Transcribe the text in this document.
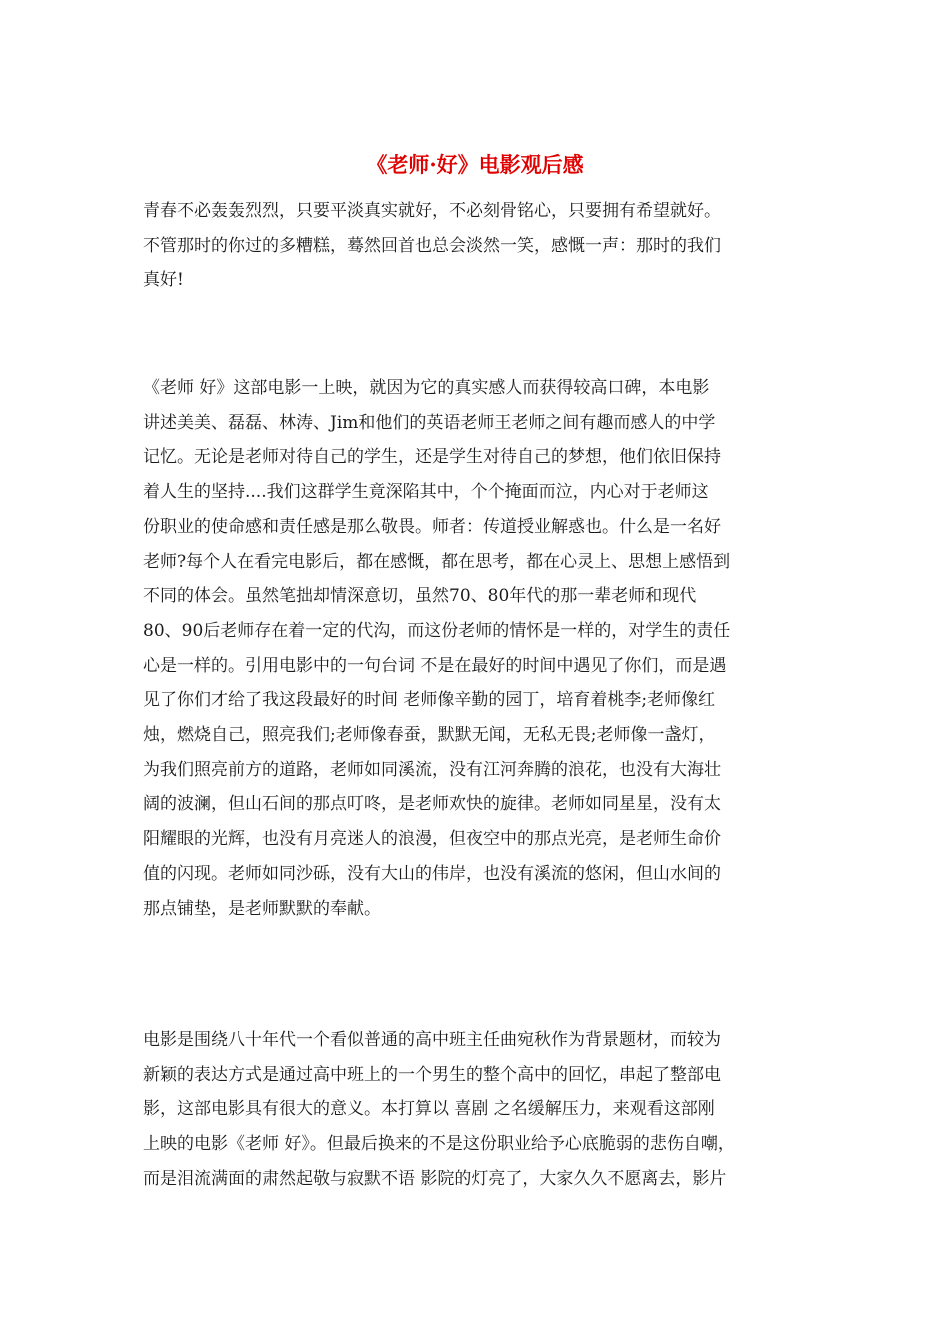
《老师·好》电影观后感
青春不必轰轰烈烈，只要平淡真实就好，不必刻骨铭心，只要拥有希望就好。
不管那时的你过的多糟糕，蓦然回首也总会淡然一笑，感慨一声：那时的我们
真好!
《老师 好》这部电影一上映，就因为它的真实感人而获得较高口碑，本电影
讲述美美、磊磊、林涛、Jim和他们的英语老师王老师之间有趣而感人的中学
记忆。无论是老师对待自己的学生，还是学生对待自己的梦想，他们依旧保持
着人生的坚持....我们这群学生竟深陷其中，个个掩面而泣，内心对于老师这
份职业的使命感和责任感是那么敬畏。师者：传道授业解惑也。什么是一名好
老师?每个人在看完电影后，都在感慨，都在思考，都在心灵上、思想上感悟到
不同的体会。虽然笔拙却情深意切，虽然70、80年代的那一辈老师和现代
80、90后老师存在着一定的代沟，而这份老师的情怀是一样的，对学生的责任
心是一样的。引用电影中的一句台词 不是在最好的时间中遇见了你们，而是遇
见了你们才给了我这段最好的时间 老师像辛勤的园丁，培育着桃李;老师像红
烛，燃烧自己，照亮我们;老师像春蚕，默默无闻，无私无畏;老师像一盏灯，
为我们照亮前方的道路，老师如同溪流，没有江河奔腾的浪花，也没有大海壮
阔的波澜，但山石间的那点叮咚，是老师欢快的旋律。老师如同星星，没有太
阳耀眼的光辉，也没有月亮迷人的浪漫，但夜空中的那点光亮，是老师生命价
值的闪现。老师如同沙砾，没有大山的伟岸，也没有溪流的悠闲，但山水间的
那点铺垫，是老师默默的奉献。
电影是围绕八十年代一个看似普通的高中班主任曲宛秋作为背景题材，而较为
新颖的表达方式是通过高中班上的一个男生的整个高中的回忆，串起了整部电
影，这部电影具有很大的意义。本打算以 喜剧 之名缓解压力，来观看这部刚
上映的电影《老师 好》。但最后换来的不是这份职业给予心底脆弱的悲伤自嘲，
而是泪流满面的肃然起敬与寂默不语 影院的灯亮了，大家久久不愿离去，影片
